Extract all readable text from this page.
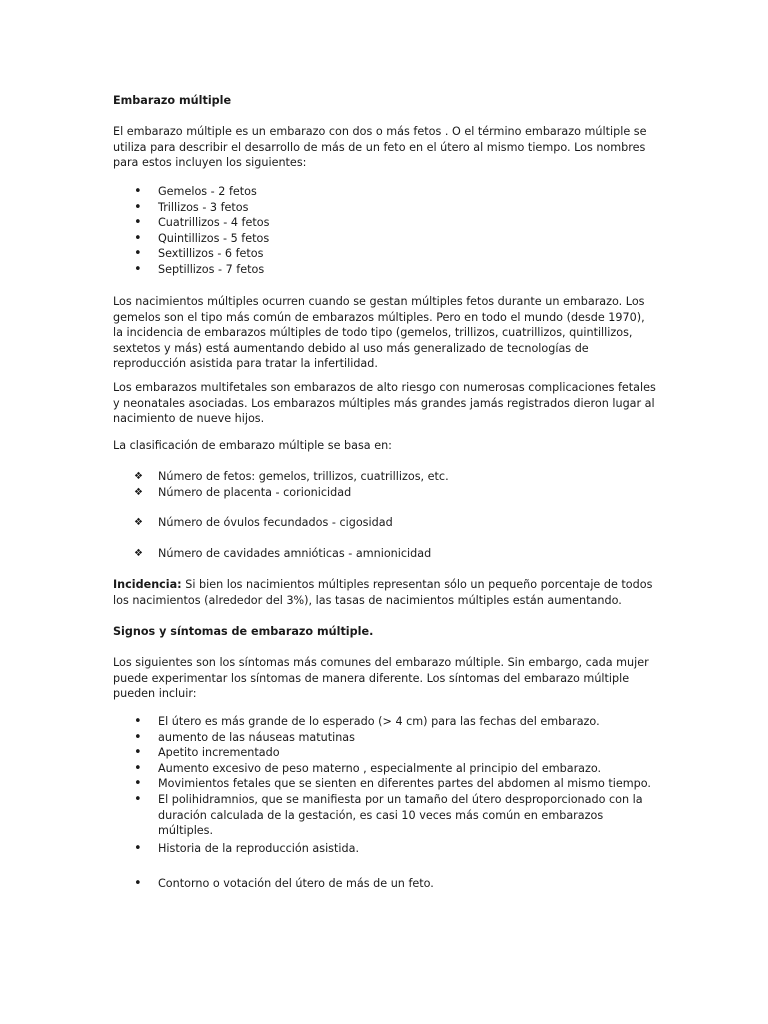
Embarazo múltiple

El embarazo múltiple es un embarazo con dos o más fetos . O el término embarazo múltiple se utiliza para describir el desarrollo de más de un feto en el útero al mismo tiempo. Los nombres para estos incluyen los siguientes:

• Gemelos - 2 fetos
• Trillizos - 3 fetos
• Cuatrillizos - 4 fetos
• Quintillizos - 5 fetos
• Sextillizos - 6 fetos
• Septillizos - 7 fetos

Los nacimientos múltiples ocurren cuando se gestan múltiples fetos durante un embarazo. Los gemelos son el tipo más común de embarazos múltiples. Pero en todo el mundo (desde 1970), la incidencia de embarazos múltiples de todo tipo (gemelos, trillizos, cuatrillizos, quintillizos, sextetos y más) está aumentando debido al uso más generalizado de tecnologías de reproducción asistida para tratar la infertilidad.

Los embarazos multifetales son embarazos de alto riesgo con numerosas complicaciones fetales y neonatales asociadas. Los embarazos múltiples más grandes jamás registrados dieron lugar al nacimiento de nueve hijos.

La clasificación de embarazo múltiple se basa en:

❖ Número de fetos: gemelos, trillizos, cuatrillizos, etc.
❖ Número de placenta - corionicidad
❖ Número de óvulos fecundados - cigosidad
❖ Número de cavidades amnióticas - amnionicidad

Incidencia: Si bien los nacimientos múltiples representan sólo un pequeño porcentaje de todos los nacimientos (alrededor del 3%), las tasas de nacimientos múltiples están aumentando.

Signos y síntomas de embarazo múltiple.

Los siguientes son los síntomas más comunes del embarazo múltiple. Sin embargo, cada mujer puede experimentar los síntomas de manera diferente. Los síntomas del embarazo múltiple pueden incluir:

• El útero es más grande de lo esperado (> 4 cm) para las fechas del embarazo.
• aumento de las náuseas matutinas
• Apetito incrementado
• Aumento excesivo de peso materno , especialmente al principio del embarazo.
• Movimientos fetales que se sienten en diferentes partes del abdomen al mismo tiempo.
• El polihidramnios, que se manifiesta por un tamaño del útero desproporcionado con la duración calculada de la gestación, es casi 10 veces más común en embarazos múltiples.
• Historia de la reproducción asistida.
• Contorno o votación del útero de más de un feto.
